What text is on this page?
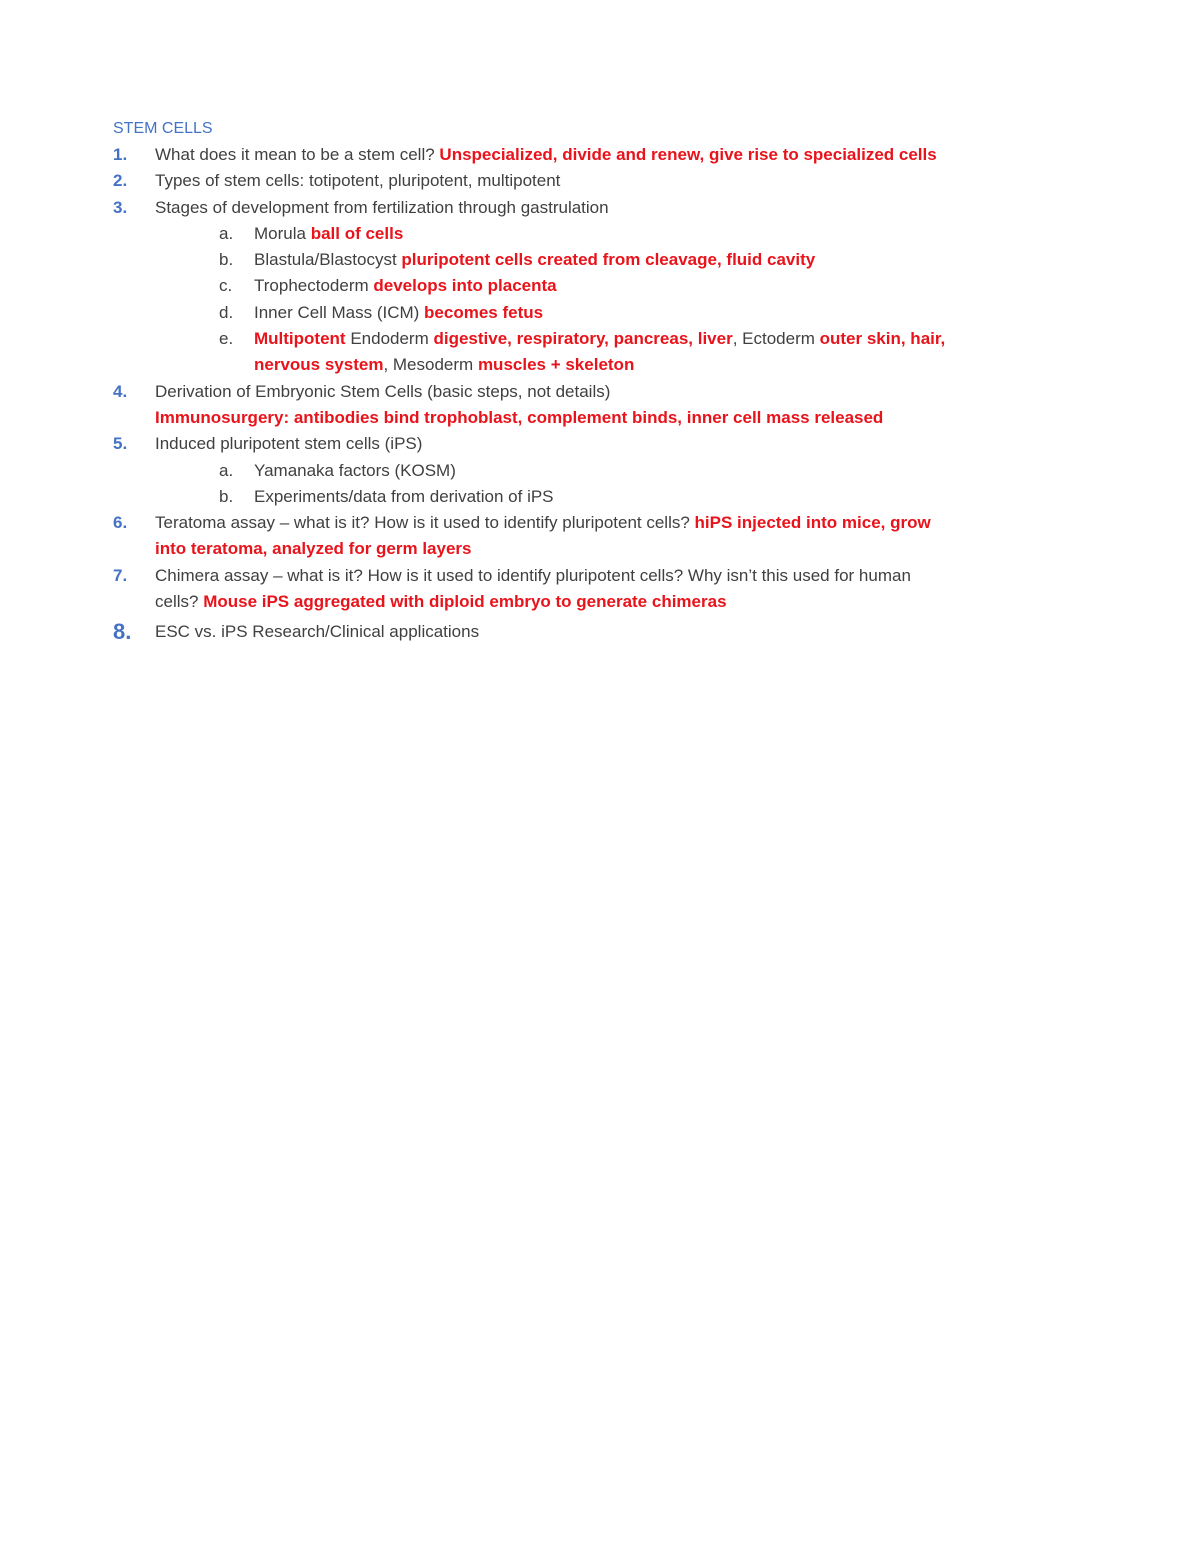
STEM CELLS
1. What does it mean to be a stem cell? Unspecialized, divide and renew, give rise to specialized cells
2. Types of stem cells: totipotent, pluripotent, multipotent
3. Stages of development from fertilization through gastrulation
a. Morula ball of cells
b. Blastula/Blastocyst pluripotent cells created from cleavage, fluid cavity
c. Trophectoderm develops into placenta
d. Inner Cell Mass (ICM) becomes fetus
e. Multipotent Endoderm digestive, respiratory, pancreas, liver, Ectoderm outer skin, hair,
nervous system, Mesoderm muscles + skeleton
4. Derivation of Embryonic Stem Cells (basic steps, not details)
Immunosurgery: antibodies bind trophoblast, complement binds, inner cell mass released
5. Induced pluripotent stem cells (iPS)
a. Yamanaka factors (KOSM)
b. Experiments/data from derivation of iPS
6. Teratoma assay – what is it? How is it used to identify pluripotent cells? hiPS injected into mice, grow
into teratoma, analyzed for germ layers
7. Chimera assay – what is it? How is it used to identify pluripotent cells? Why isn’t this used for human
cells? Mouse iPS aggregated with diploid embryo to generate chimeras
8. ESC vs. iPS Research/Clinical applications
